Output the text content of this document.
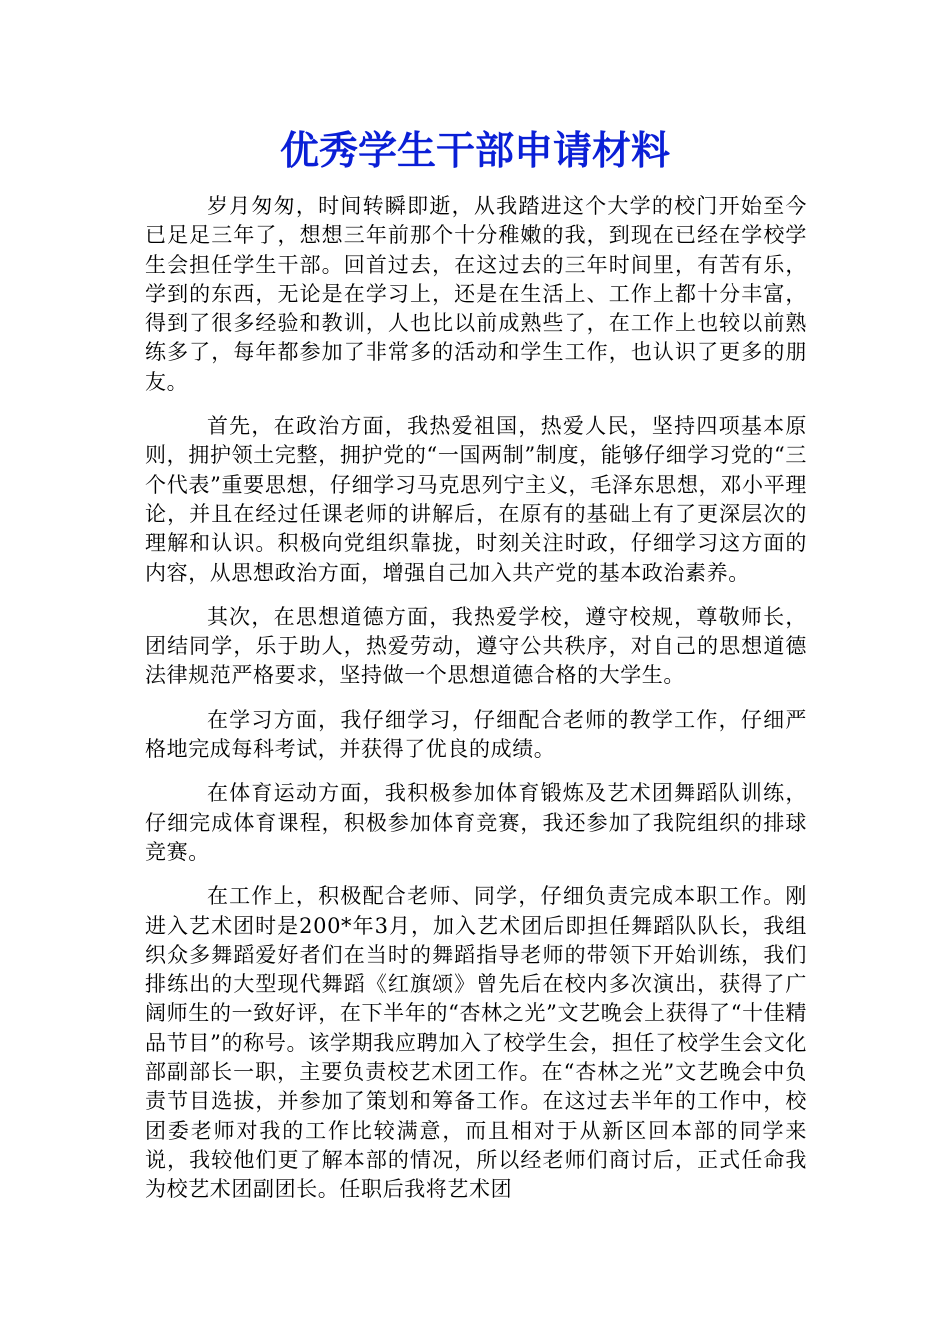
优秀学生干部申请材料

岁月匆匆，时间转瞬即逝，从我踏进这个大学的校门开始至今已足足三年了，想想三年前那个十分稚嫩的我，到现在已经在学校学生会担任学生干部。回首过去，在这过去的三年时间里，有苦有乐，学到的东西，无论是在学习上，还是在生活上、工作上都十分丰富，得到了很多经验和教训，人也比以前成熟些了，在工作上也较以前熟练多了，每年都参加了非常多的活动和学生工作，也认识了更多的朋友。

首先，在政治方面，我热爱祖国，热爱人民，坚持四项基本原则，拥护领土完整，拥护党的“一国两制”制度，能够仔细学习党的“三个代表”重要思想，仔细学习马克思列宁主义，毛泽东思想，邓小平理论，并且在经过任课老师的讲解后，在原有的基础上有了更深层次的理解和认识。积极向党组织靠拢，时刻关注时政，仔细学习这方面的内容，从思想政治方面，增强自己加入共产党的基本政治素养。

其次，在思想道德方面，我热爱学校，遵守校规，尊敬师长，团结同学，乐于助人，热爱劳动，遵守公共秩序，对自己的思想道德法律规范严格要求，坚持做一个思想道德合格的大学生。

在学习方面，我仔细学习，仔细配合老师的教学工作，仔细严格地完成每科考试，并获得了优良的成绩。

在体育运动方面，我积极参加体育锻炼及艺术团舞蹈队训练，仔细完成体育课程，积极参加体育竞赛，我还参加了我院组织的排球竞赛。

在工作上，积极配合老师、同学，仔细负责完成本职工作。刚进入艺术团时是200*年3月，加入艺术团后即担任舞蹈队队长，我组织众多舞蹈爱好者们在当时的舞蹈指导老师的带领下开始训练，我们排练出的大型现代舞蹈《红旗颂》曾先后在校内多次演出，获得了广阔师生的一致好评，在下半年的“杏林之光”文艺晚会上获得了“十佳精品节目”的称号。该学期我应聘加入了校学生会，担任了校学生会文化部副部长一职，主要负责校艺术团工作。在“杏林之光”文艺晚会中负责节目选拔，并参加了策划和筹备工作。在这过去半年的工作中，校团委老师对我的工作比较满意，而且相对于从新区回本部的同学来说，我较他们更了解本部的情况，所以经老师们商讨后，正式任命我为校艺术团副团长。任职后我将艺术团
